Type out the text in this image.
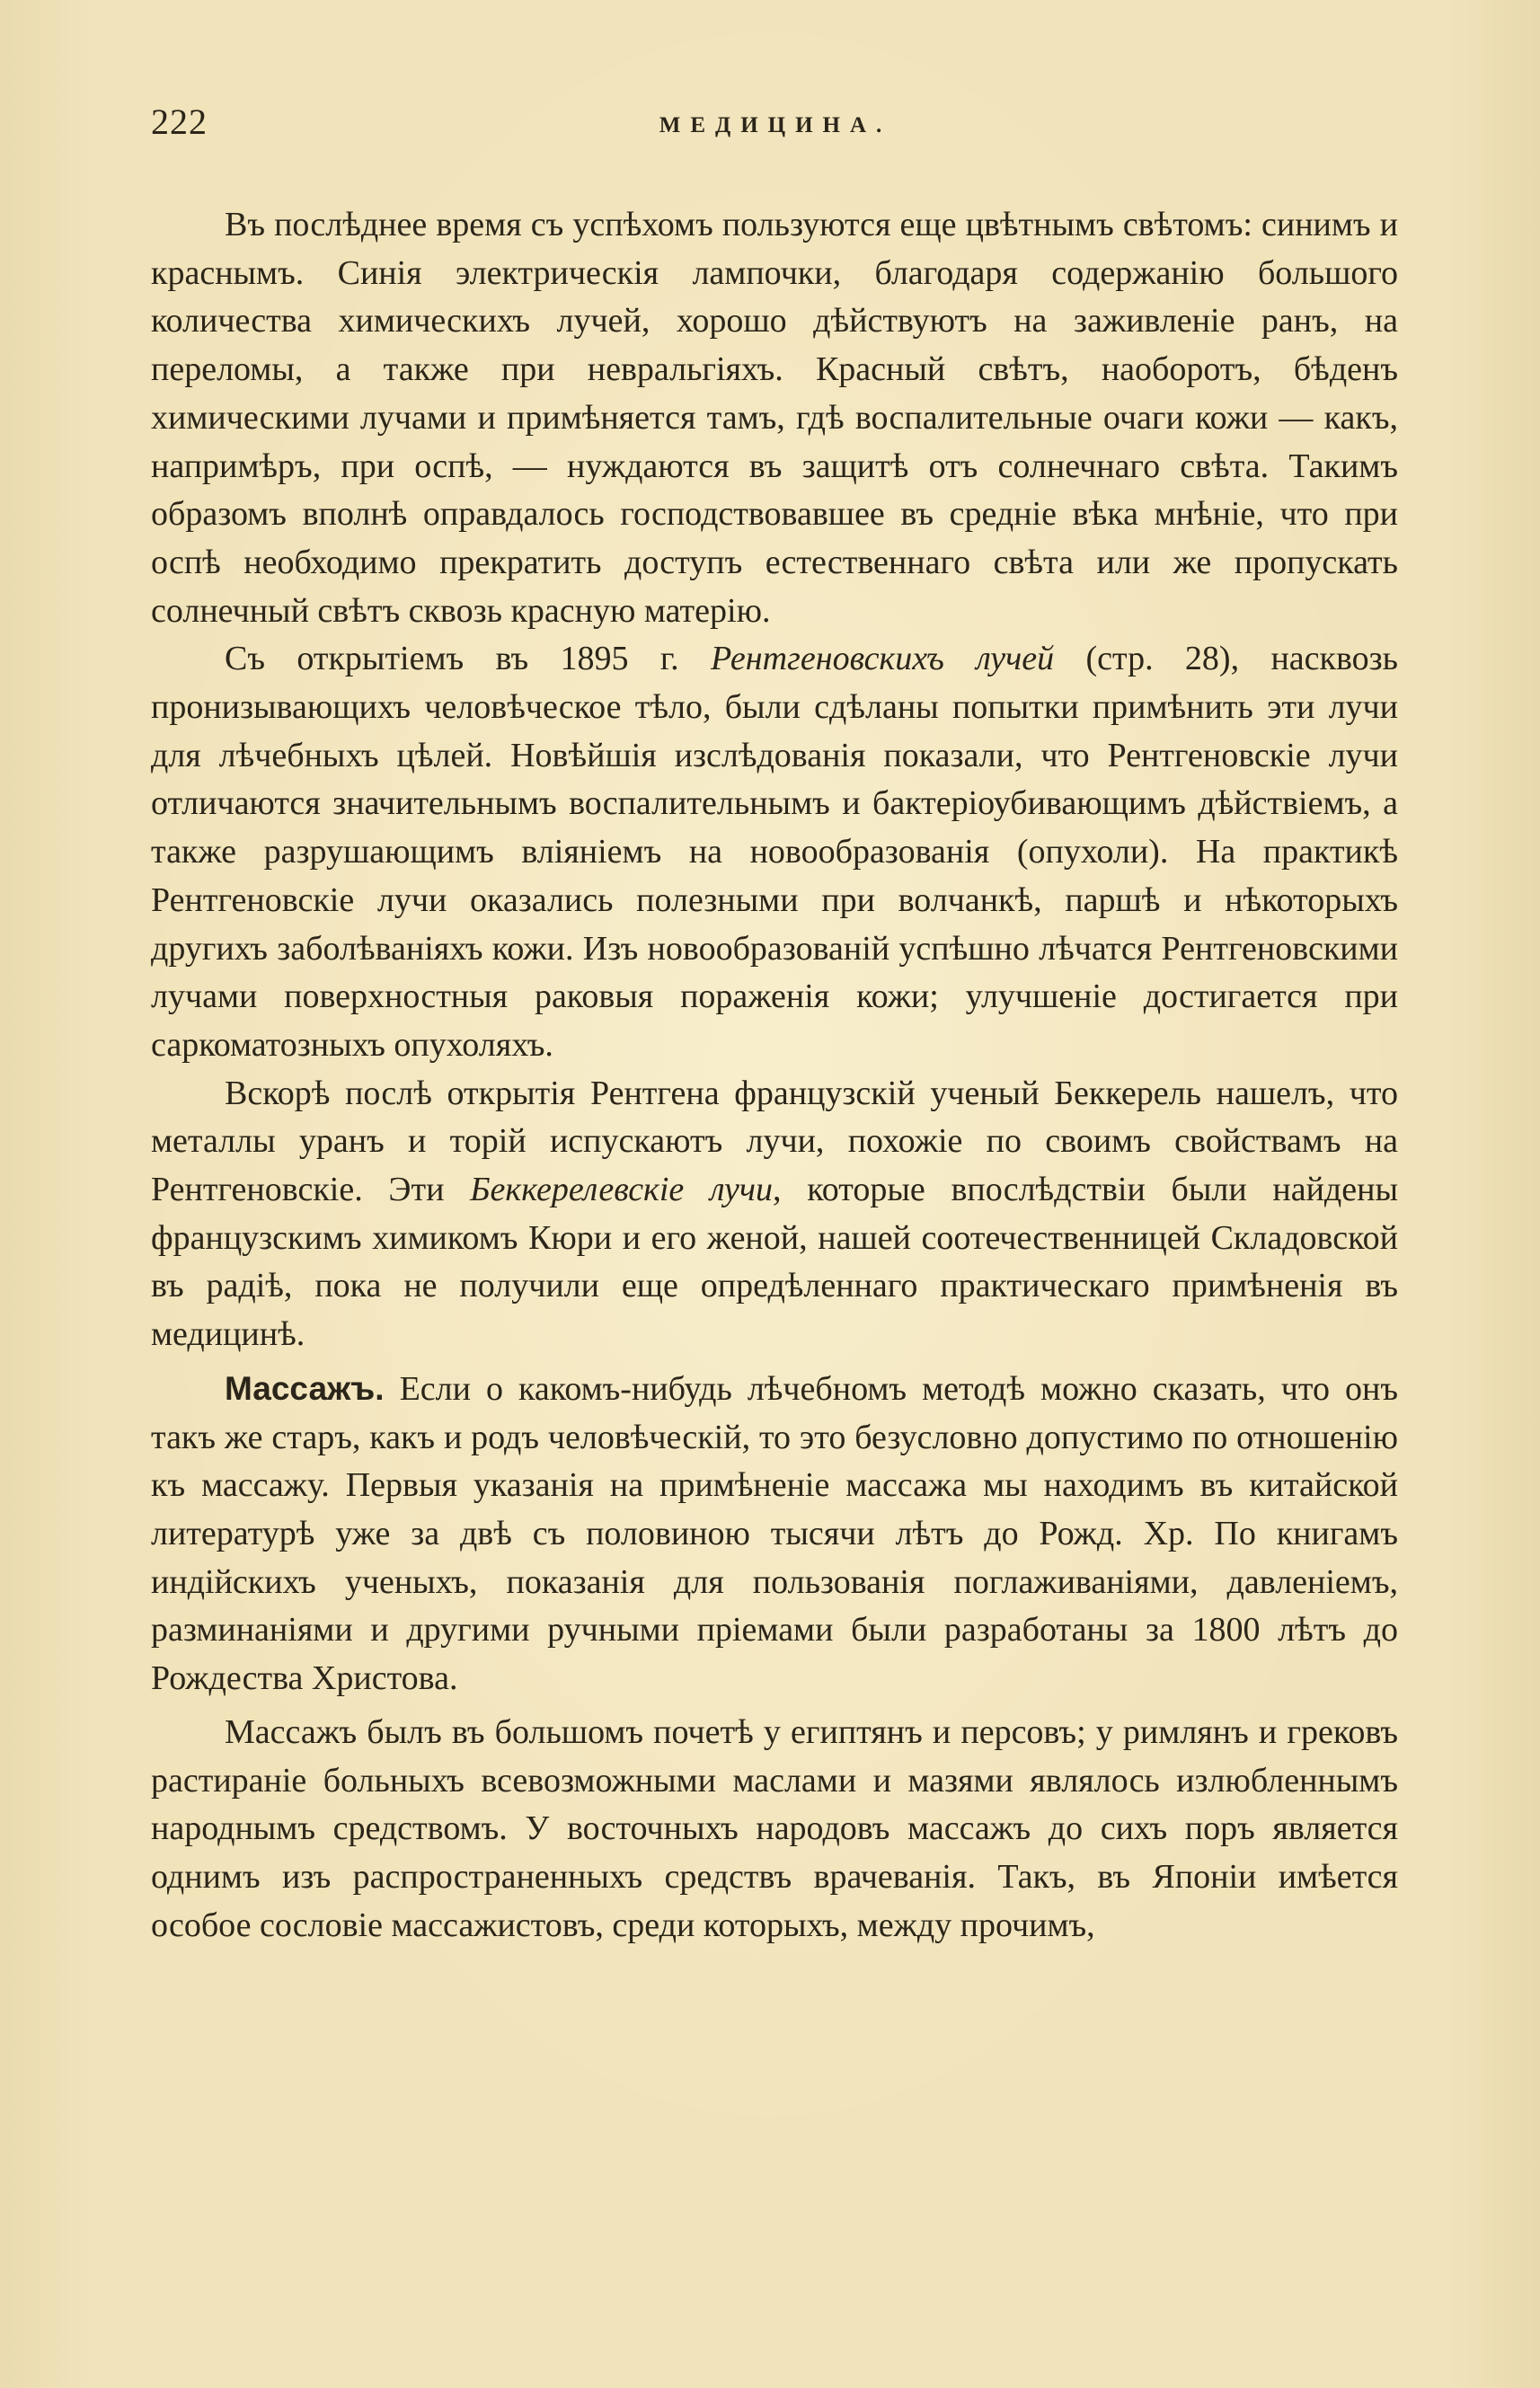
222	МЕДИЦИНА.

Въ послѣднее время съ успѣхомъ пользуются еще цвѣтнымъ свѣтомъ: синимъ и краснымъ. Синія электрическія лампочки, благодаря содержанію большого количества химическихъ лучей, хорошо дѣйствуютъ на заживленіе ранъ, на переломы, а также при невральгіяхъ. Красный свѣтъ, наоборотъ, бѣденъ химическими лучами и примѣняется тамъ, гдѣ воспалительные очаги кожи — какъ, напримѣръ, при оспѣ, — нуждаются въ защитѣ отъ солнечнаго свѣта. Такимъ образомъ вполнѣ оправдалось господствовавшее въ средніе вѣка мнѣніе, что при оспѣ необходимо прекратить доступъ естественнаго свѣта или же пропускать солнечный свѣтъ сквозь красную матерію.

Съ открытіемъ въ 1895 г. Рентгеновскихъ лучей (стр. 28), насквозь пронизывающихъ человѣческое тѣло, были сдѣланы попытки примѣнить эти лучи для лѣчебныхъ цѣлей. Новѣйшія изслѣдованія показали, что Рентгеновскіе лучи отличаются значительнымъ воспалительнымъ и бактеріоубивающимъ дѣйствіемъ, а также разрушающимъ вліяніемъ на новообразованія (опухоли). На практикѣ Рентгеновскіе лучи оказались полезными при волчанкѣ, паршѣ и нѣкоторыхъ другихъ заболѣваніяхъ кожи. Изъ новообразованій успѣшно лѣчатся Рентгеновскими лучами поверхностныя раковыя пораженія кожи; улучшеніе достигается при саркоматозныхъ опухоляхъ.

Вскорѣ послѣ открытія Рентгена французскій ученый Беккерель нашелъ, что металлы уранъ и торій испускаютъ лучи, похожіе по своимъ свойствамъ на Рентгеновскіе. Эти Беккерелевскіе лучи, которые впослѣдствіи были найдены французскимъ химикомъ Кюри и его женой, нашей соотечественницей Складовской въ радіѣ, пока не получили еще опредѣленнаго практическаго примѣненія въ медицинѣ.

Массажъ. Если о какомъ-нибудь лѣчебномъ методѣ можно сказать, что онъ такъ же старъ, какъ и родъ человѣческій, то это безусловно допустимо по отношенію къ массажу. Первыя указанія на примѣненіе массажа мы находимъ въ китайской литературѣ уже за двѣ съ половиною тысячи лѣтъ до Рожд. Хр. По книгамъ индійскихъ ученыхъ, показанія для пользованія поглаживаніями, давленіемъ, разминаніями и другими ручными пріемами были разработаны за 1800 лѣтъ до Рождества Христова.

Массажъ былъ въ большомъ почетѣ у египтянъ и персовъ; у римлянъ и грековъ растираніе больныхъ всевозможными маслами и мазями являлось излюбленнымъ народнымъ средствомъ. У восточныхъ народовъ массажъ до сихъ поръ является однимъ изъ распространенныхъ средствъ врачеванія. Такъ, въ Японіи имѣется особое сословіе массажистовъ, среди которыхъ, между прочимъ,
